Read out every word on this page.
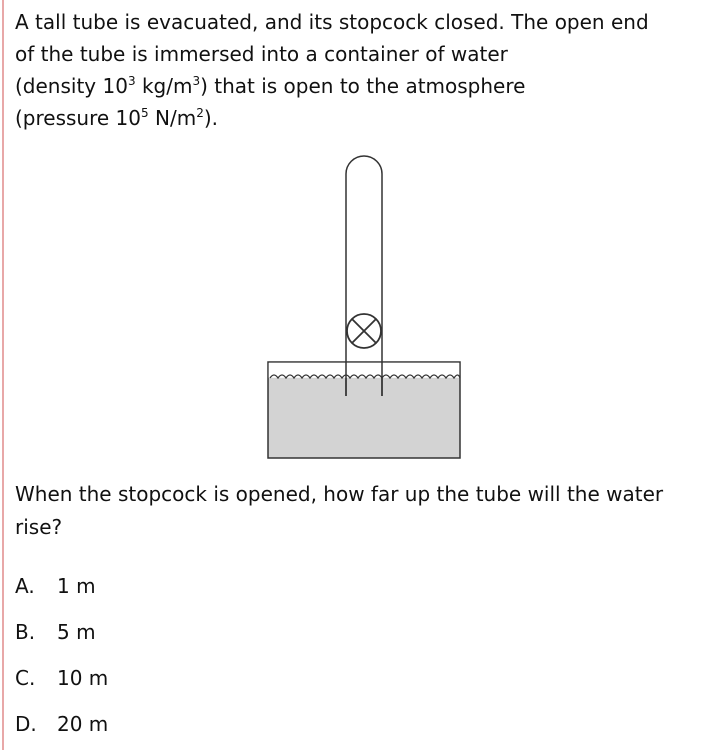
A tall tube is evacuated, and its stopcock closed. The open end
of the tube is immersed into a container of water
(density $10^3$ $kg/m^3$) that is open to the atmosphere
(pressure $10^5$ $N/m^2$).

When the stopcock is opened, how far up the tube will the water
rise?

A. 1 m
B. 5 m
C. 10 m
D. 20 m
